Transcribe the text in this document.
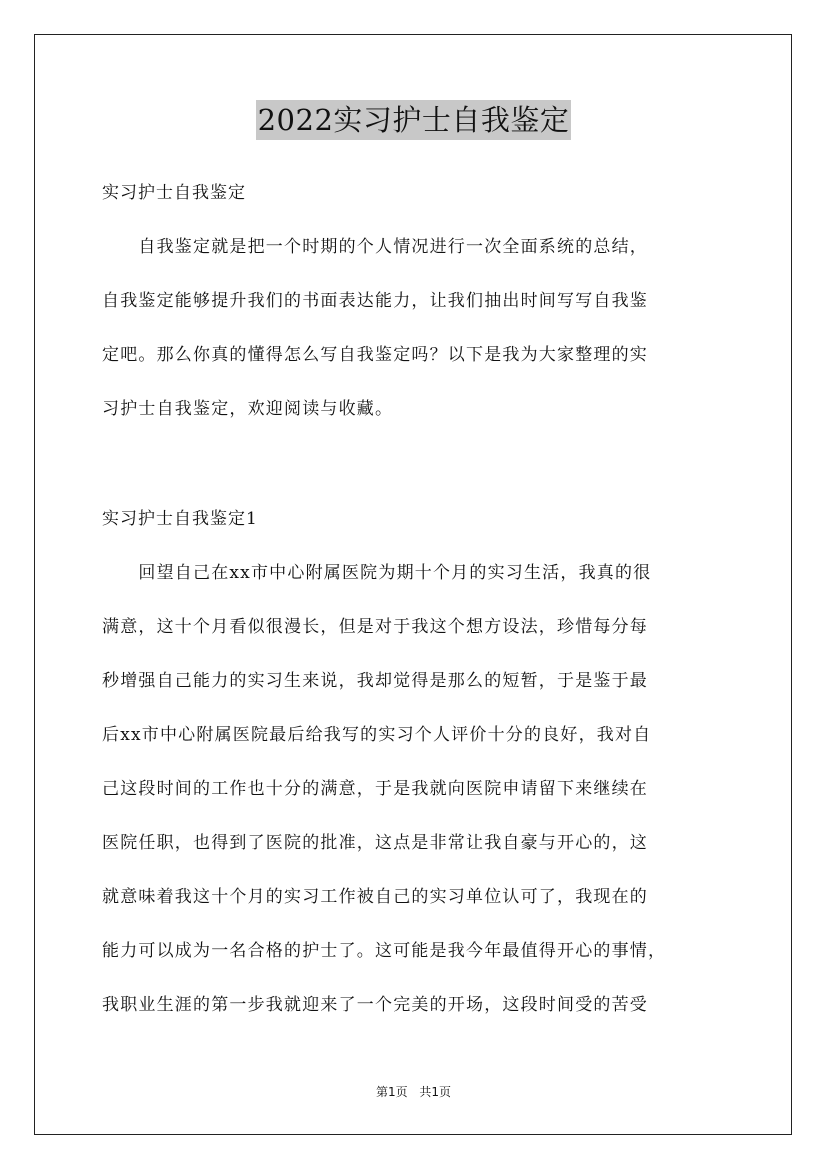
2022实习护士自我鉴定
实习护士自我鉴定
　　自我鉴定就是把一个时期的个人情况进行一次全面系统的总结，
自我鉴定能够提升我们的书面表达能力，让我们抽出时间写写自我鉴
定吧。那么你真的懂得怎么写自我鉴定吗？以下是我为大家整理的实
习护士自我鉴定，欢迎阅读与收藏。
实习护士自我鉴定1
　　回望自己在xx市中心附属医院为期十个月的实习生活，我真的很
满意，这十个月看似很漫长，但是对于我这个想方设法，珍惜每分每
秒增强自己能力的实习生来说，我却觉得是那么的短暂，于是鉴于最
后xx市中心附属医院最后给我写的实习个人评价十分的良好，我对自
己这段时间的工作也十分的满意，于是我就向医院申请留下来继续在
医院任职，也得到了医院的批准，这点是非常让我自豪与开心的，这
就意味着我这十个月的实习工作被自己的实习单位认可了，我现在的
能力可以成为一名合格的护士了。这可能是我今年最值得开心的事情，
我职业生涯的第一步我就迎来了一个完美的开场，这段时间受的苦受
第1页 共1页
